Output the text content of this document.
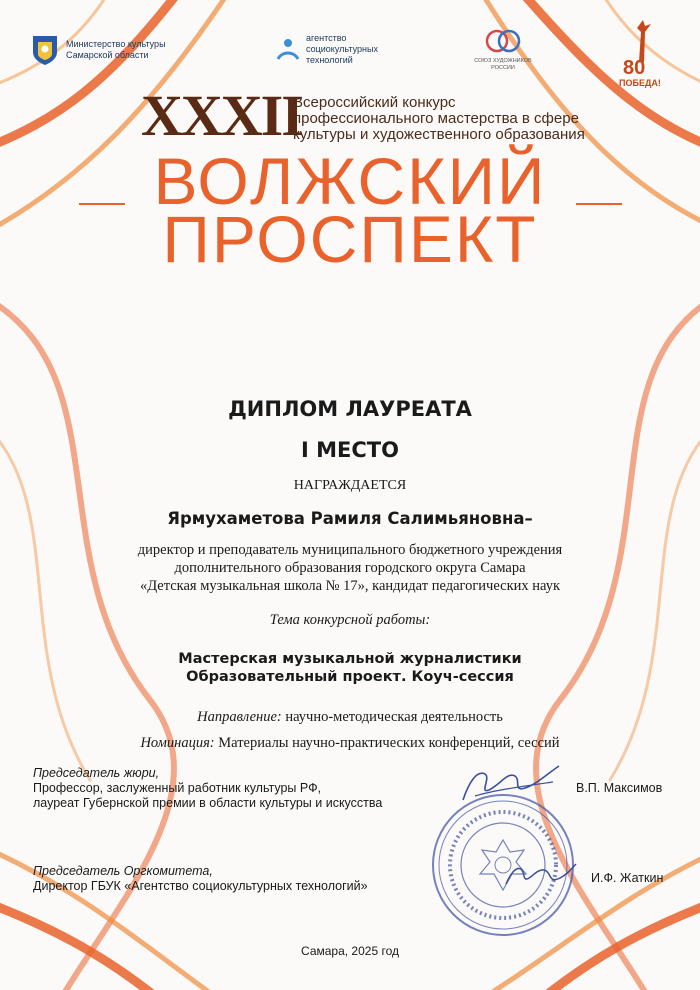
Министерство культуры
Самарской области
агентство
социокультурных
технологий	СОЮЗ ХУДОЖНИКОВ
РОССИИ	80
ПОБЕДА!
XXXII
Всероссийский конкурс
профессионального мастерства в сфере
культуры и художественного образования
ВОЛЖСКИЙ
ПРОСПЕКТ
ДИПЛОМ ЛАУРЕАТА
I МЕСТО
НАГРАЖДАЕТСЯ
Ярмухаметова Рамиля Салимьяновна–
директор и преподаватель муниципального бюджетного учреждения
дополнительного образования городского округа Самара
«Детская музыкальная школа № 17», кандидат педагогических наук
Тема конкурсной работы:
Мастерская музыкальной журналистики
Образовательный проект. Коуч-сессия
Направление: научно-методическая деятельность
Номинация: Материалы научно-практических конференций, сессий
Председатель жюри,
Профессор, заслуженный работник культуры РФ,
лауреат Губернской премии в области культуры и искусства
В.П. Максимов
Председатель Оргкомитета,
Директор ГБУК «Агентство социокультурных технологий»
И.Ф. Жаткин
Самара, 2025 год
